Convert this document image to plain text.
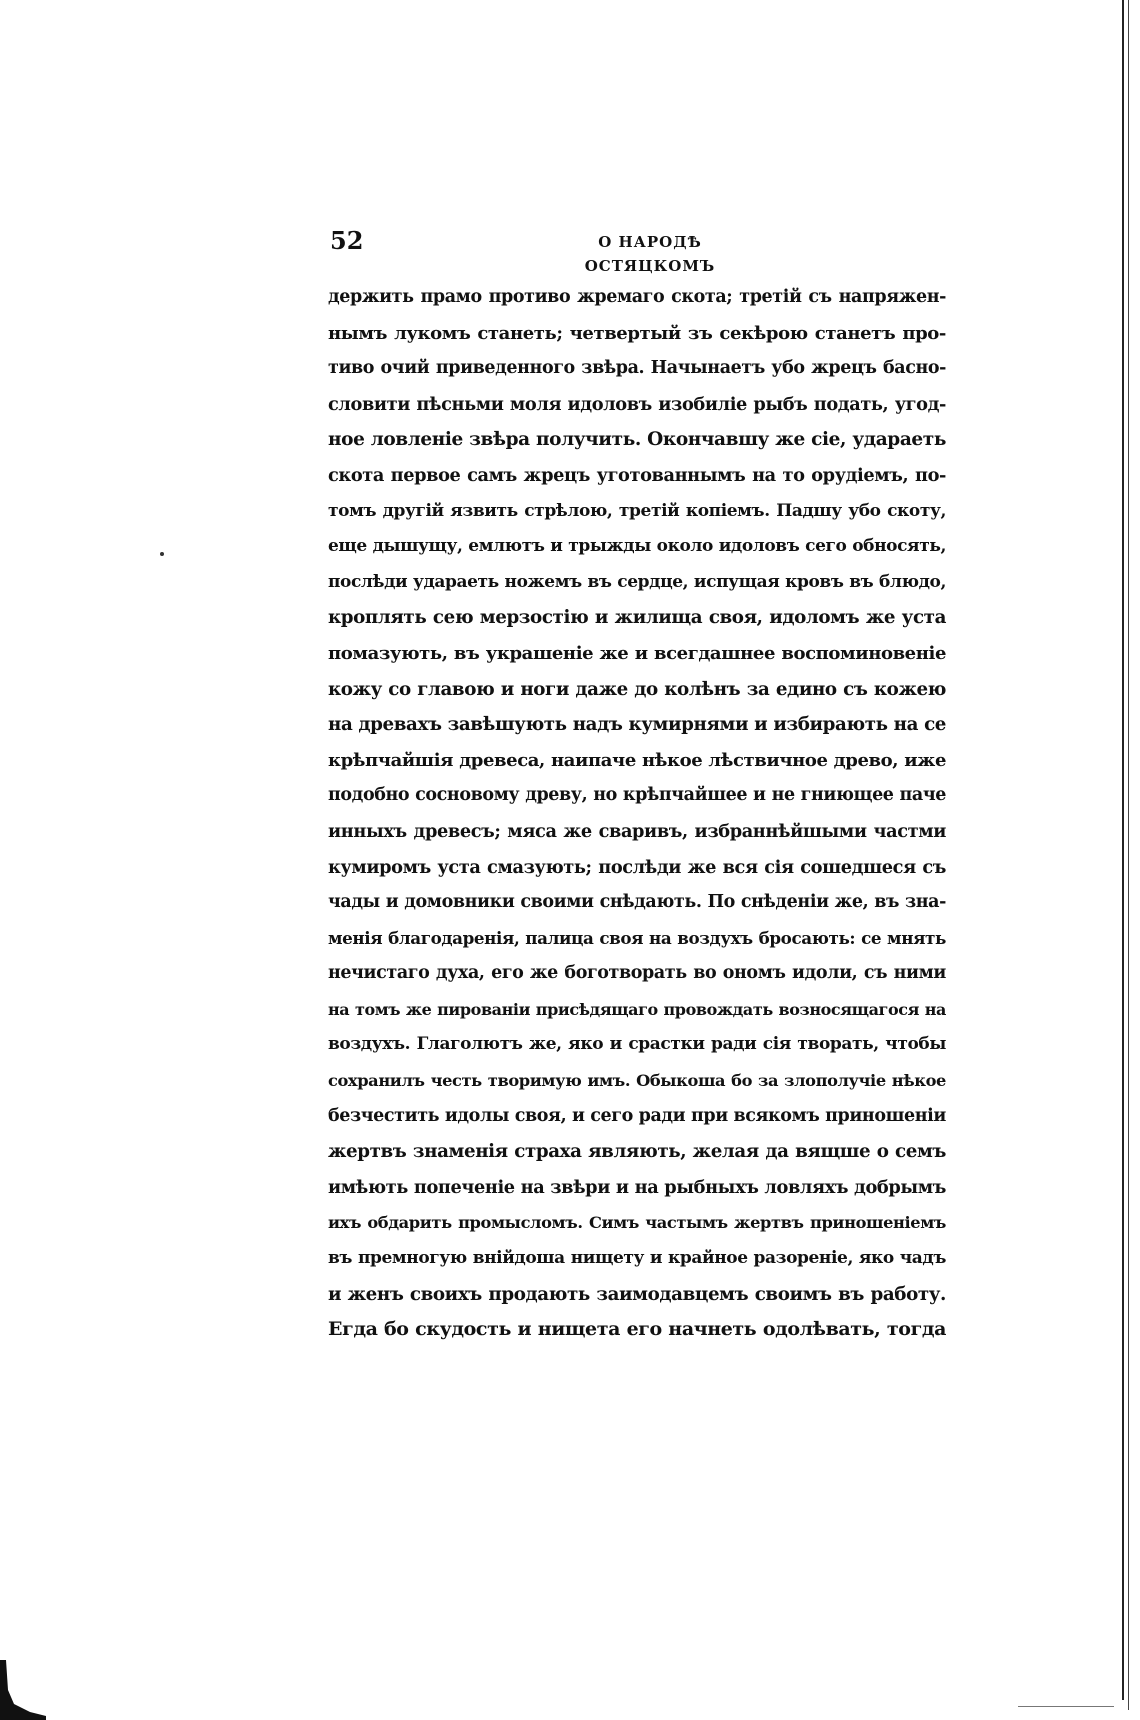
52	О НАРОДѢ ОСТЯЦКОМЪ
держить прамо противо жремаго скота; третій съ напряжен-
нымъ лукомъ станеть; четвертый зъ секѣрою станетъ про-
тиво очий приведенного звѣра. Начынаетъ убо жрецъ басно-
словити пѣсньми моля идоловъ изобиліе рыбъ подать, угод-
ное ловленіе звѣра получить. Окончавшу же сіе, удараеть
скота первое самъ жрецъ уготованнымъ на то орудіемъ, по-
томъ другій язвить стрѣлою, третій копіемъ. Падшу убо скоту,
еще дышущу, емлютъ и трыжды около идоловъ сего обносять,
послѣди удараеть ножемъ въ сердце, испущая кровъ въ блюдо,
кроплять сею мерзостію и жилища своя, идоломъ же уста
помазують, въ украшеніе же и всегдашнее воспоминовеніе
кожу со главою и ноги даже до колѣнъ за едино съ кожею
на древахъ завѣшують надъ кумирнями и избирають на се
крѣпчайшія древеса, наипаче нѣкое лѣствичное древо, иже
подобно сосновому древу, но крѣпчайшее и не гниющее паче
инныхъ древесъ; мяса же сваривъ, избраннѣйшыми частми
кумиромъ уста смазують; послѣди же вся сія сошедшеся съ
чады и домовники своими снѣдають. По снѣденіи же, въ зна-
менія благодаренія, палица своя на воздухъ бросають: се мнять
нечистаго духа, его же боготворать во ономъ идоли, съ ними
на томъ же пированіи присѣдящаго провождать возносящагося на
воздухъ. Глаголютъ же, яко и срастки ради сія творать, чтобы
сохранилъ честь творимую имъ. Обыкоша бо за злополучіе нѣкое
безчестить идолы своя, и сего ради при всякомъ приношеніи
жертвъ знаменія страха являють, желая да вящше о семъ
имѣють попеченіе на звѣри и на рыбныхъ ловляхъ добрымъ
ихъ обдарить промысломъ. Симъ частымъ жертвъ приношеніемъ
въ премногую внійдоша нищету и крайное разореніе, яко чадъ
и женъ своихъ продають заимодавцемъ своимъ въ работу.
Егда бо скудость и нищета его начнеть одолѣвать, тогда
